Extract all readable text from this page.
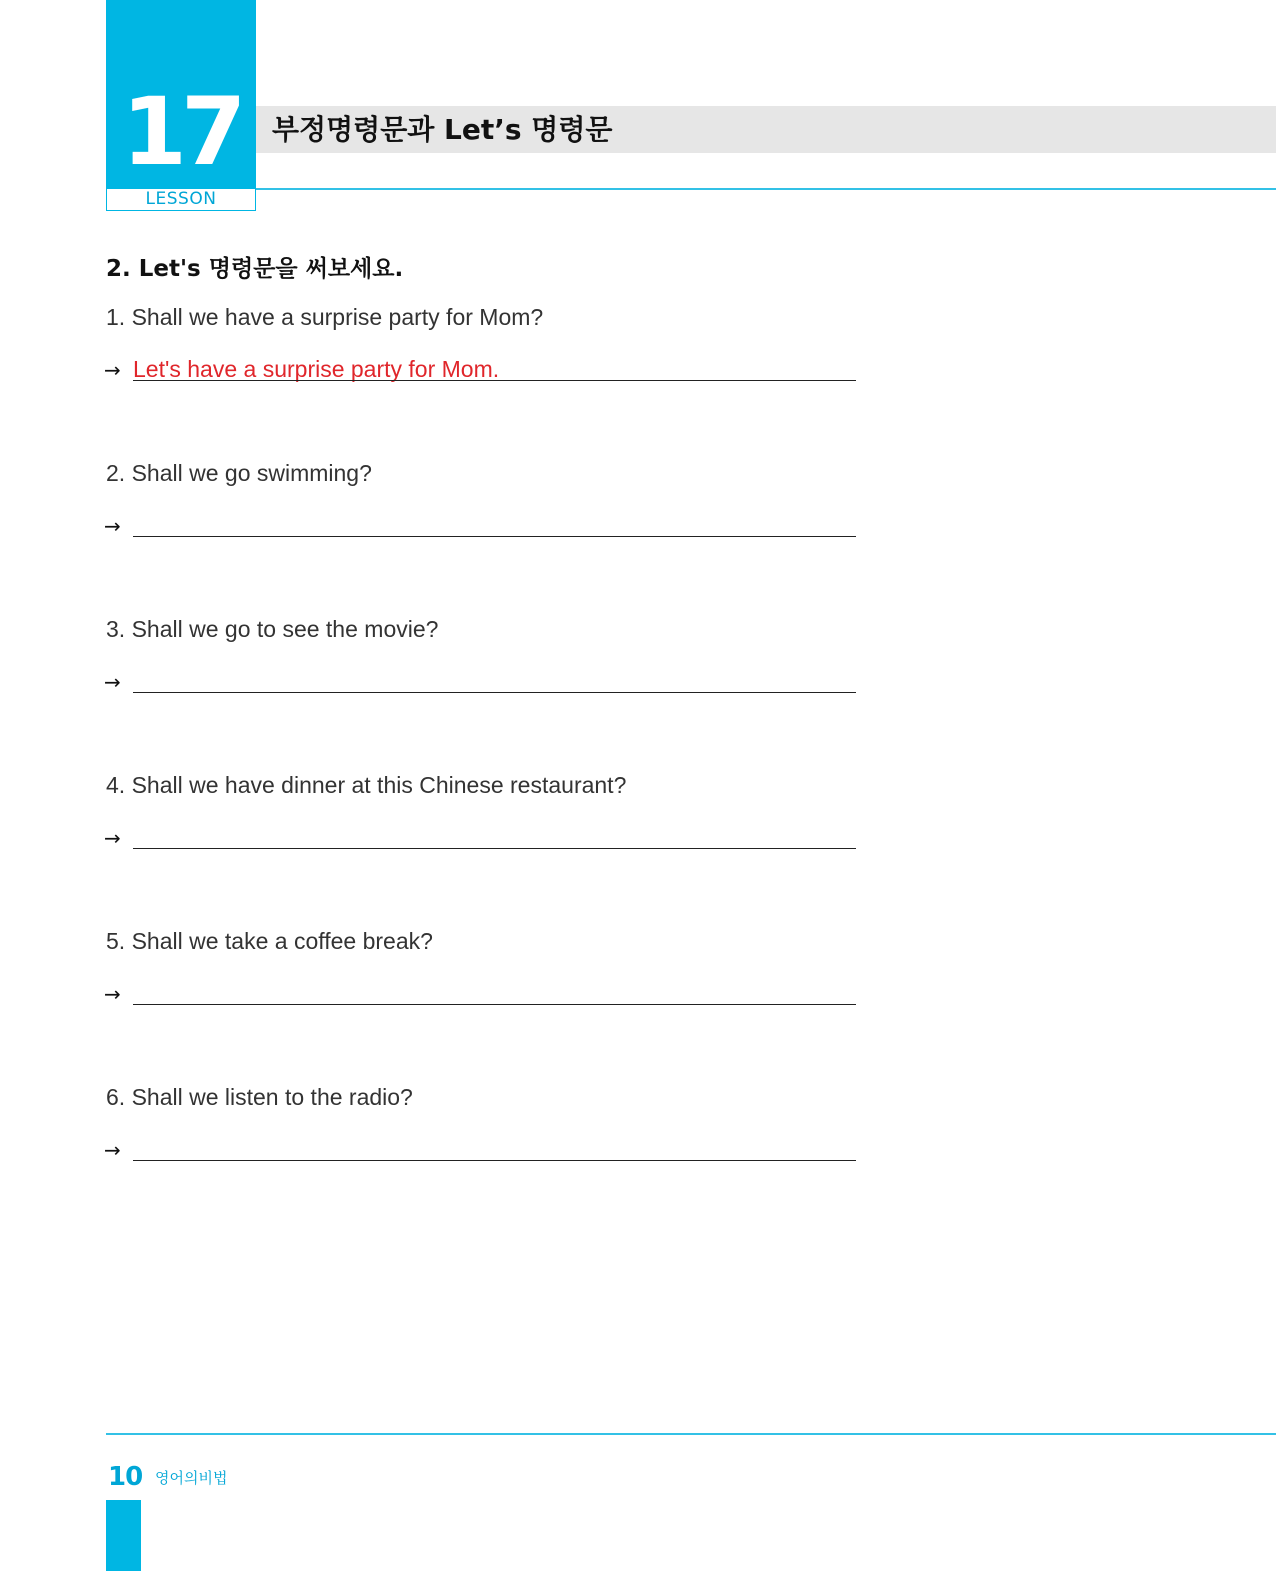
17
LESSON
부정명령문과 Let’s 명령문
2. Let's 명령문을 써보세요.
1. Shall we have a surprise party for Mom?
→ Let's have a surprise party for Mom.
2. Shall we go swimming?
→
3. Shall we go to see the movie?
→
4. Shall we have dinner at this Chinese restaurant?
→
5. Shall we take a coffee break?
→
6. Shall we listen to the radio?
→
10 영어의비법
